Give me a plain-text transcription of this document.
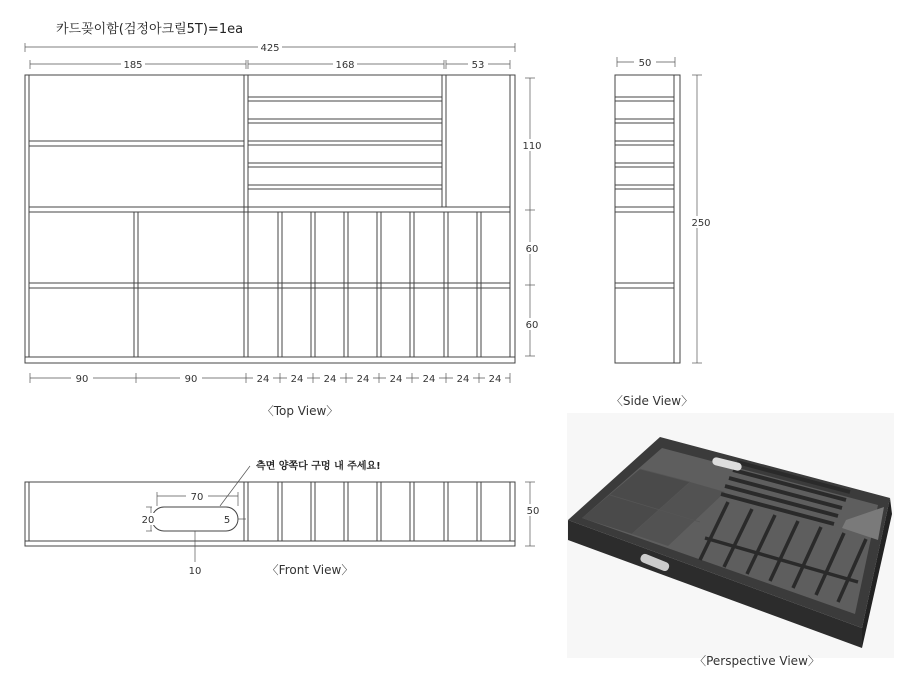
카드꽂이함(검정아크릴5T)=1ea
425
185	168	53
110
60
60
90	90	24 24 24 24 24 24 24 24
〈Top View〉
50
250
〈Side View〉
70
20	5
10
측면 양쪽다 구멍 내 주세요!
50
〈Front View〉
〈Perspective View〉
